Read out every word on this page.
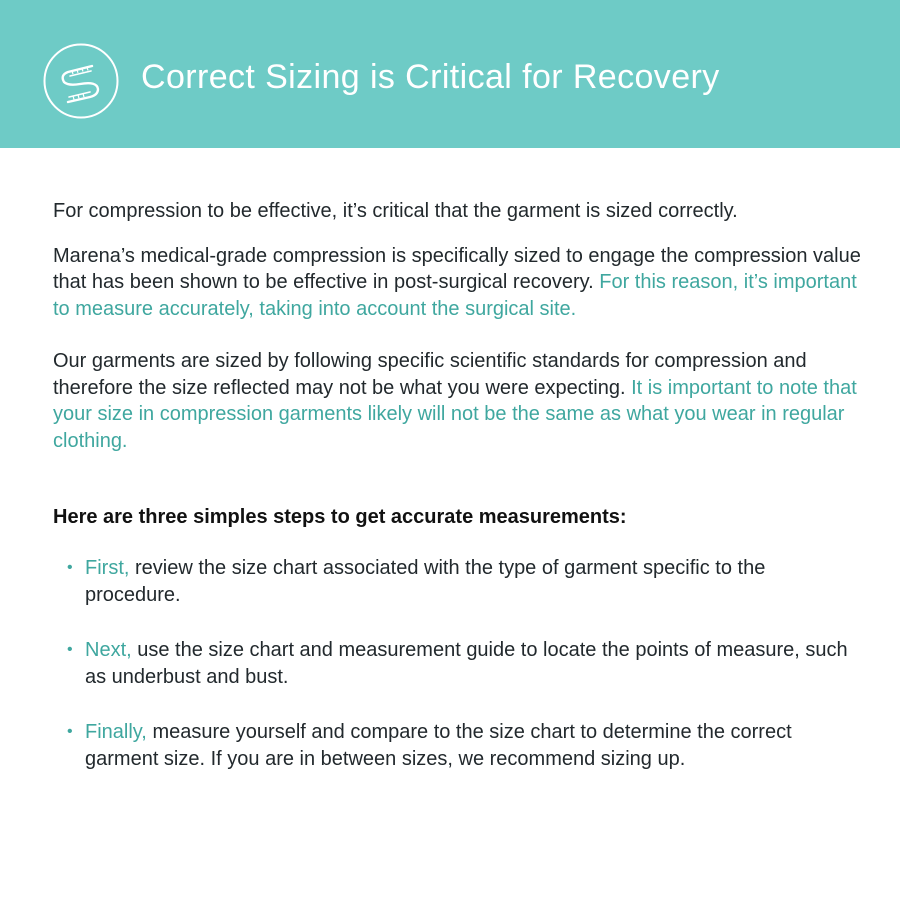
Correct Sizing is Critical for Recovery

For compression to be effective, it’s critical that the garment is sized correctly.

Marena’s medical-grade compression is specifically sized to engage the compression value that has been shown to be effective in post-surgical recovery. For this reason, it’s important to measure accurately, taking into account the surgical site.

Our garments are sized by following specific scientific standards for compression and therefore the size reflected may not be what you were expecting. It is important to note that your size in compression garments likely will not be the same as what you wear in regular clothing.

Here are three simples steps to get accurate measurements:
• First, review the size chart associated with the type of garment specific to the procedure.
• Next, use the size chart and measurement guide to locate the points of measure, such as underbust and bust.
• Finally, measure yourself and compare to the size chart to determine the correct garment size. If you are in between sizes, we recommend sizing up.
